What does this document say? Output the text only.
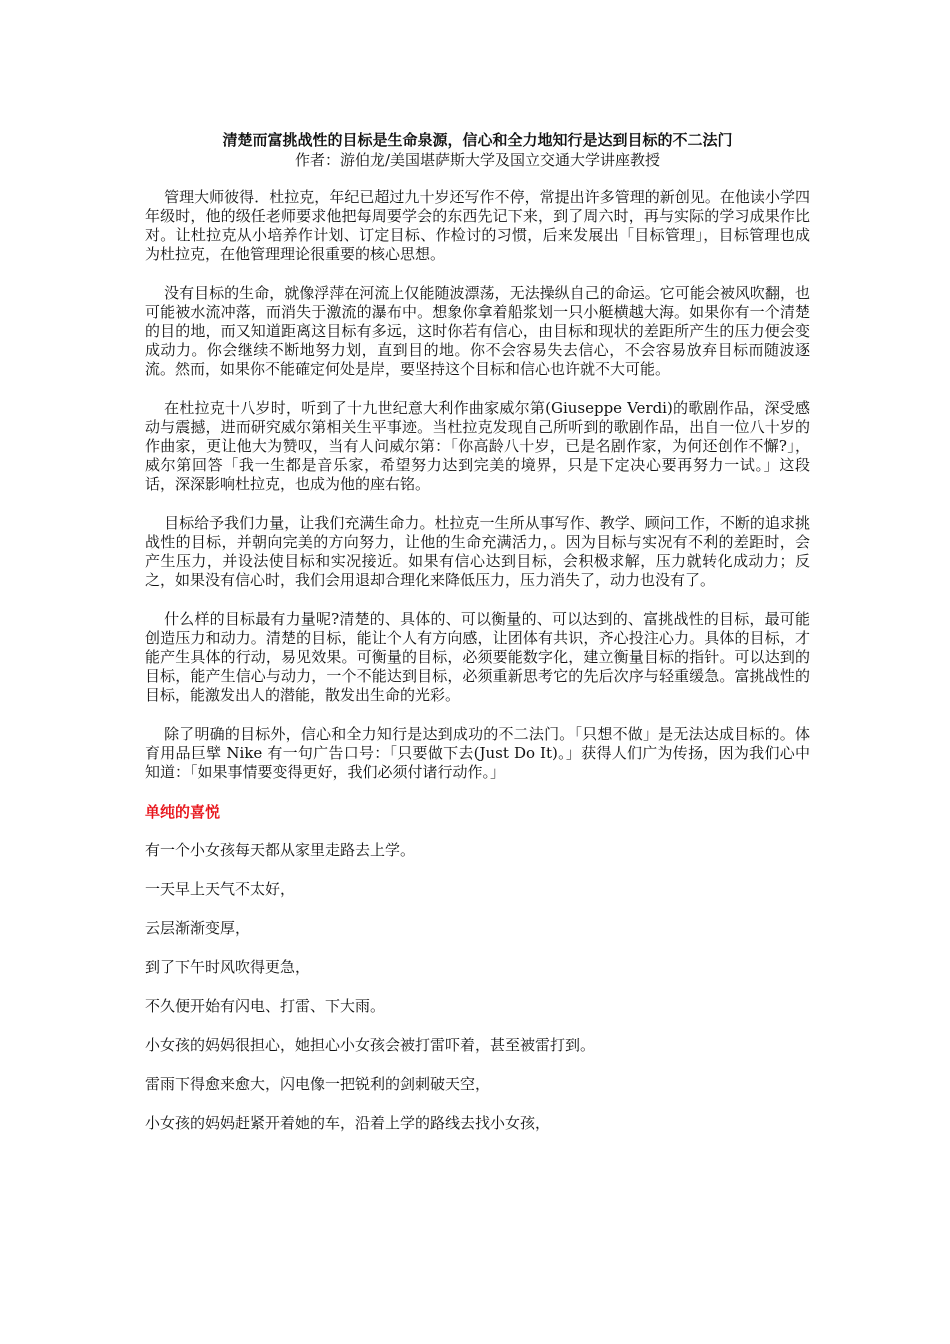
清楚而富挑战性的目标是生命泉源，信心和全力地知行是达到目标的不二法门

作者：游伯龙/美国堪萨斯大学及国立交通大学讲座教授

管理大师彼得．杜拉克，年纪已超过九十岁还写作不停，常提出许多管理的新创见。在他读小学四年级时，他的级任老师要求他把每周要学会的东西先记下来，到了周六时，再与实际的学习成果作比对。让杜拉克从小培养作计划、订定目标、作检讨的习惯，后来发展出「目标管理」，目标管理也成为杜拉克，在他管理理论很重要的核心思想。

没有目标的生命，就像浮萍在河流上仅能随波漂荡，无法操纵自己的命运。它可能会被风吹翻，也可能被水流冲落，而消失于激流的瀑布中。想象你拿着船浆划一只小艇横越大海。如果你有一个清楚的目的地，而又知道距离这目标有多远，这时你若有信心，由目标和现状的差距所产生的压力便会变成动力。你会继续不断地努力划，直到目的地。你不会容易失去信心，不会容易放弃目标而随波逐流。然而，如果你不能確定何处是岸，要坚持这个目标和信心也许就不大可能。

在杜拉克十八岁时，听到了十九世纪意大利作曲家威尔第(Giuseppe Verdi)的歌剧作品，深受感动与震撼，进而研究威尔第相关生平事迹。当杜拉克发现自己所听到的歌剧作品，出自一位八十岁的作曲家，更让他大为赞叹，当有人问威尔第：「你高龄八十岁，已是名剧作家，为何还创作不懈?」，威尔第回答「我一生都是音乐家，希望努力达到完美的境界，只是下定决心要再努力一试。」这段话，深深影响杜拉克，也成为他的座右铭。

目标给予我们力量，让我们充满生命力。杜拉克一生所从事写作、教学、顾问工作，不断的追求挑战性的目标，并朝向完美的方向努力，让他的生命充满活力，。因为目标与实况有不利的差距时，会产生压力，并设法使目标和实况接近。如果有信心达到目标，会积极求解，压力就转化成动力；反之，如果没有信心时，我们会用退却合理化来降低压力，压力消失了，动力也没有了。

什么样的目标最有力量呢?清楚的、具体的、可以衡量的、可以达到的、富挑战性的目标，最可能创造压力和动力。清楚的目标，能让个人有方向感，让团体有共识，齐心投注心力。具体的目标，才能产生具体的行动，易见效果。可衡量的目标，必须要能数字化，建立衡量目标的指针。可以达到的目标，能产生信心与动力，一个不能达到目标，必须重新思考它的先后次序与轻重缓急。富挑战性的目标，能激发出人的潜能，散发出生命的光彩。

除了明确的目标外，信心和全力知行是达到成功的不二法门。「只想不做」是无法达成目标的。体育用品巨擘 Nike 有一句广告口号：「只要做下去(Just Do It)。」获得人们广为传扬，因为我们心中知道：「如果事情要变得更好，我们必须付诸行动作。」

单纯的喜悦

有一个小女孩每天都从家里走路去上学。

一天早上天气不太好，

云层渐渐变厚，

到了下午时风吹得更急，

不久便开始有闪电、打雷、下大雨。

小女孩的妈妈很担心，她担心小女孩会被打雷吓着，甚至被雷打到。

雷雨下得愈来愈大，闪电像一把锐利的剑刺破天空，

小女孩的妈妈赶紧开着她的车，沿着上学的路线去找小女孩，
